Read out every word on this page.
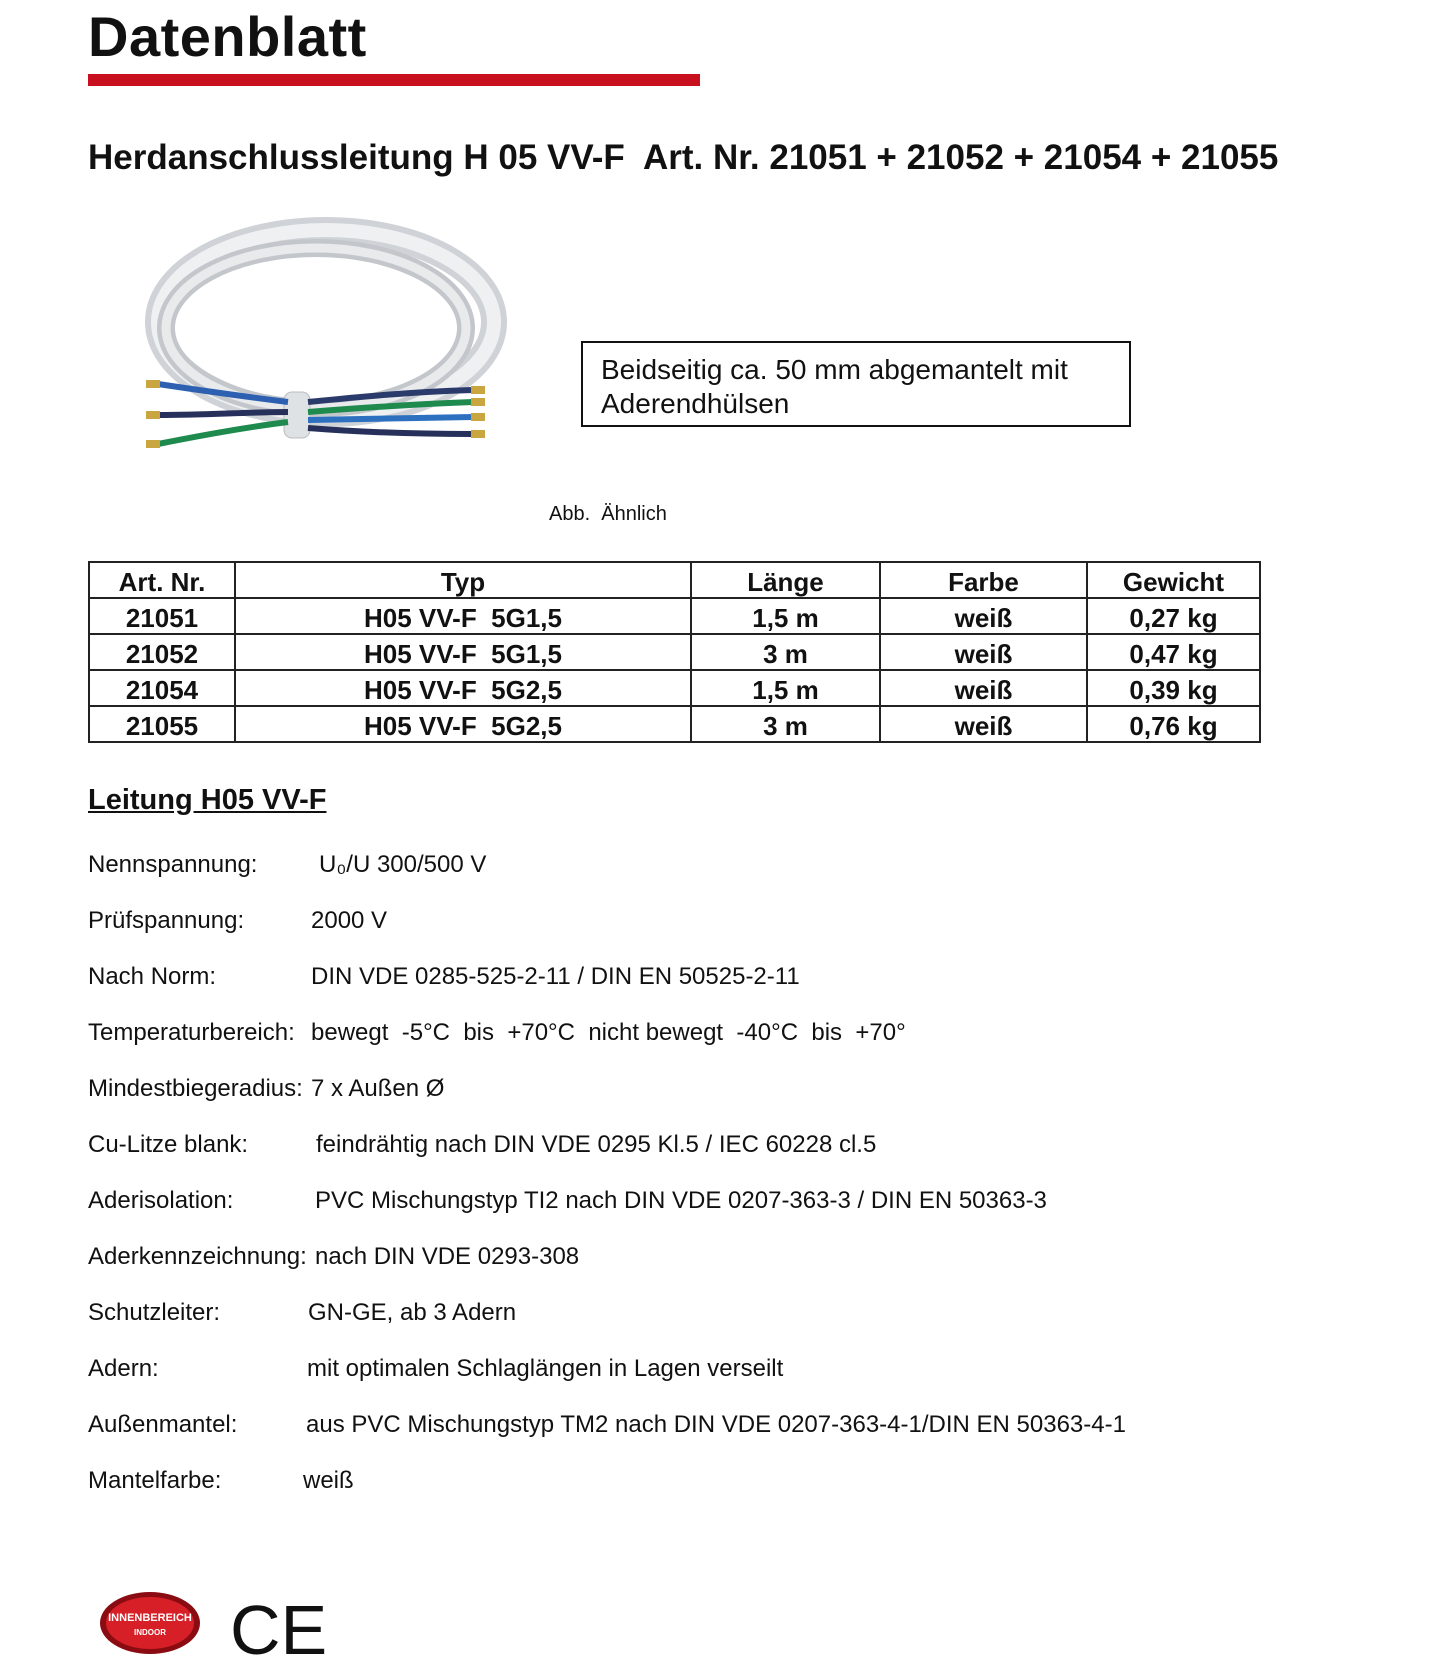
Datenblatt
Herdanschlussleitung H 05 VV-F  Art. Nr. 21051 + 21052 + 21054 + 21055
Beidseitig ca. 50 mm abgemantelt mit Aderendhülsen
Abb.  Ähnlich
Art. Nr.	Typ	Länge	Farbe	Gewicht
21051	H05 VV-F  5G1,5	1,5 m	weiß	0,27 kg
21052	H05 VV-F  5G1,5	3 m	weiß	0,47 kg
21054	H05 VV-F  5G2,5	1,5 m	weiß	0,39 kg
21055	H05 VV-F  5G2,5	3 m	weiß	0,76 kg
Leitung H05 VV-F

Nennspannung:

	U₀/U 300/500 V

Prüfspannung:

	2000 V

Nach Norm:

	DIN VDE 0285-525-2-11 / DIN EN 50525-2-11

Temperaturbereich:

bewegt  -5°C  bis  +70°C  nicht bewegt  -40°C  bis  +70°

Mindestbiegeradius:

7 x Außen Ø

Cu-Litze blank:

	feindrähtig nach DIN VDE 0295 Kl.5 / IEC 60228 cl.5

Aderisolation:

	PVC Mischungstyp TI2 nach DIN VDE 0207-363-3 / DIN EN 50363-3

Aderkennzeichnung:

nach DIN VDE 0293-308

Schutzleiter:

	GN-GE, ab 3 Adern

Adern:

	mit optimalen Schlaglängen in Lagen verseilt

Außenmantel:

	aus PVC Mischungstyp TM2 nach DIN VDE 0207-363-4-1/DIN EN 50363-4-1

Mantelfarbe:

	weiß

INNENBEREICH
INDOOR CE
